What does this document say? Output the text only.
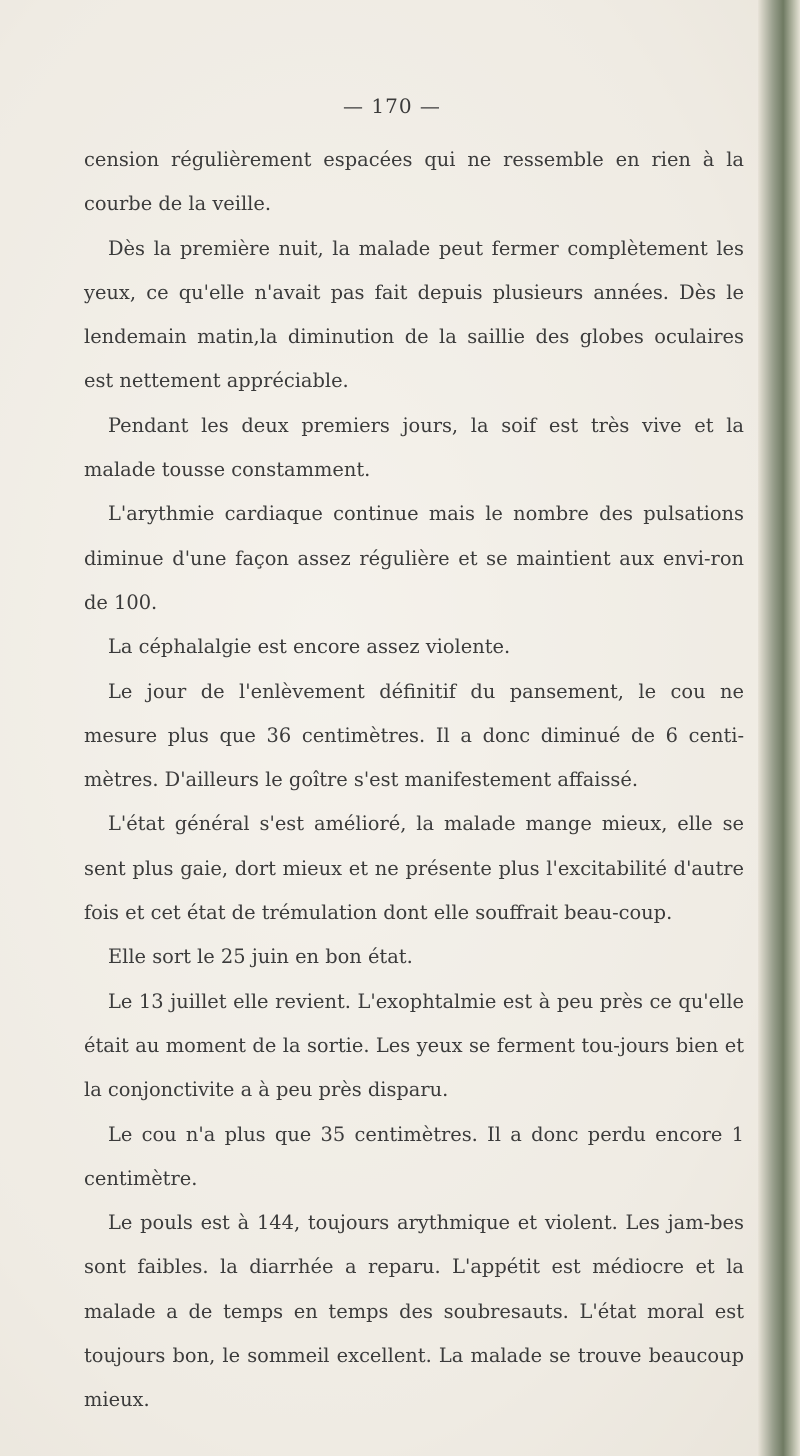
— 170 —

cension régulièrement espacées qui ne ressemble en rien à la courbe de la veille.

Dès la première nuit, la malade peut fermer complètement les yeux, ce qu'elle n'avait pas fait depuis plusieurs années. Dès le lendemain matin,la diminution de la saillie des globes oculaires est nettement appréciable.

Pendant les deux premiers jours, la soif est très vive et la malade tousse constamment.

L'arythmie cardiaque continue mais le nombre des pulsations diminue d'une façon assez régulière et se maintient aux envi-ron de 100.

La céphalalgie est encore assez violente.

Le jour de l'enlèvement définitif du pansement, le cou ne mesure plus que 36 centimètres. Il a donc diminué de 6 centi-mètres. D'ailleurs le goître s'est manifestement affaissé.

L'état général s'est amélioré, la malade mange mieux, elle se sent plus gaie, dort mieux et ne présente plus l'excitabilité d'autre fois et cet état de trémulation dont elle souffrait beau-coup.

Elle sort le 25 juin en bon état.

Le 13 juillet elle revient. L'exophtalmie est à peu près ce qu'elle était au moment de la sortie. Les yeux se ferment tou-jours bien et la conjonctivite a à peu près disparu.

Le cou n'a plus que 35 centimètres. Il a donc perdu encore 1 centimètre.

Le pouls est à 144, toujours arythmique et violent. Les jam-bes sont faibles. la diarrhée a reparu. L'appétit est médiocre et la malade a de temps en temps des soubresauts. L'état moral est toujours bon, le sommeil excellent. La malade se trouve beaucoup mieux.
